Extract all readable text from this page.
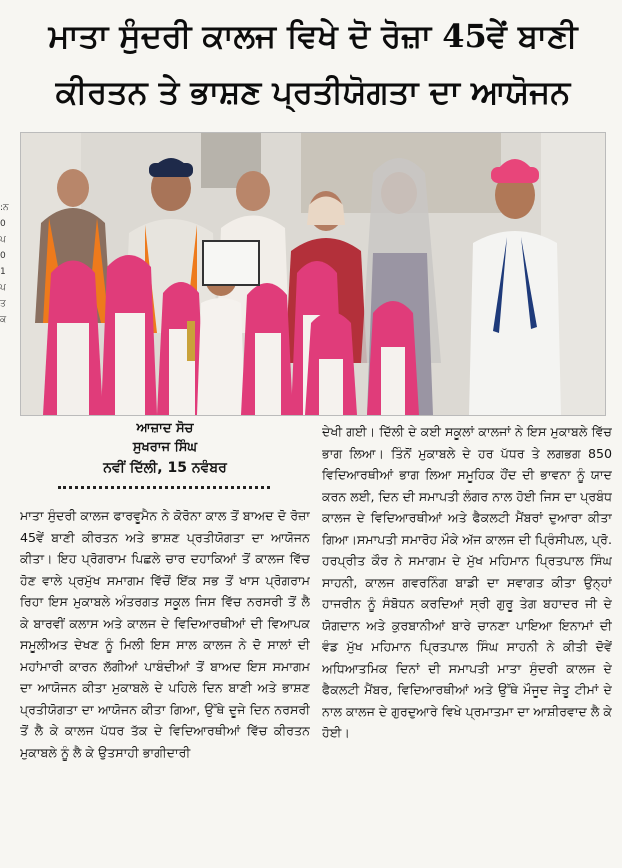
ਮਾਤਾ ਸੁੰਦਰੀ ਕਾਲਜ ਵਿਖੇ ਦੋ ਰੋਜ਼ਾ 45ਵੇਂ ਬਾਣੀ
ਕੀਰਤਨ ਤੇ ਭਾਸ਼ਣ ਪ੍ਰਤੀਯੋਗਤਾ ਦਾ ਆਯੋਜਨ
:ਨ0ਪ01ਪਤਕ
ਆਜ਼ਾਦ ਸੋਚ
ਸੁਖਰਾਜ ਸਿੰਘ
ਨਵੀਂ ਦਿੱਲੀ, 15 ਨਵੰਬਰ
ਮਾਤਾ ਸੁੰਦਰੀ ਕਾਲਜ ਫਾਰਵੂਮੈਨ ਨੇ ਕੋਰੋਨਾ ਕਾਲ ਤੋਂ ਬਾਅਦ ਦੋ ਰੋਜ਼ਾ 45ਵੇਂ ਬਾਣੀ ਕੀਰਤਨ ਅਤੇ ਭਾਸ਼ਣ ਪ੍ਰਤੀਯੋਗਤਾ ਦਾ ਆਯੋਜਨ ਕੀਤਾ। ਇਹ ਪ੍ਰੋਗਰਾਮ ਪਿਛਲੇ ਚਾਰ ਦਹਾਕਿਆਂ ਤੋਂ ਕਾਲਜ ਵਿੱਚ ਹੋਣ ਵਾਲੇ ਪ੍ਰਮੁੱਖ ਸਮਾਗਮ ਵਿੱਚੋਂ ਇੱਕ ਸਭ ਤੋਂ ਖਾਸ ਪ੍ਰੋਗਰਾਮ ਰਿਹਾ ਇਸ ਮੁਕਾਬਲੇ ਅੰਤਰਗਤ ਸਕੂਲ ਜਿਸ ਵਿੱਚ ਨਰਸਰੀ ਤੋਂ ਲੈ ਕੇ ਬਾਰਵੀਂ ਕਲਾਸ ਅਤੇ ਕਾਲਜ ਦੇ ਵਿਦਿਆਰਥੀਆਂ ਦੀ ਵਿਆਪਕ ਸਮੂਲੀਅਤ ਦੇਖਣ ਨੂੰ ਮਿਲੀ ਇਸ ਸਾਲ ਕਾਲਜ ਨੇ ਦੋ ਸਾਲਾਂ ਦੀ ਮਹਾਂਮਾਰੀ ਕਾਰਨ ਲੱਗੀਆਂ ਪਾਬੰਦੀਆਂ ਤੋਂ ਬਾਅਦ ਇਸ ਸਮਾਗਮ ਦਾ ਆਯੋਜਨ ਕੀਤਾ ਮੁਕਾਬਲੇ ਦੇ ਪਹਿਲੇ ਦਿਨ ਬਾਣੀ ਅਤੇ ਭਾਸ਼ਣ ਪ੍ਰਤੀਯੋਗਤਾ ਦਾ ਆਯੋਜਨ ਕੀਤਾ ਗਿਆ, ਉੱਥੇ ਦੂਜੇ ਦਿਨ ਨਰਸਰੀ ਤੋਂ ਲੈ ਕੇ ਕਾਲਜ ਪੱਧਰ ਤੱਕ ਦੇ ਵਿਦਿਆਰਥੀਆਂ ਵਿੱਚ ਕੀਰਤਨ ਮੁਕਾਬਲੇ ਨੂੰ ਲੈ ਕੇ ਉਤਸਾਹੀ ਭਾਗੀਦਾਰੀ
ਦੇਖੀ ਗਈ। ਦਿੱਲੀ ਦੇ ਕਈ ਸਕੂਲਾਂ ਕਾਲਜਾਂ ਨੇ ਇਸ ਮੁਕਾਬਲੇ ਵਿੱਚ ਭਾਗ ਲਿਆ। ਤਿੰਨੋਂ ਮੁਕਾਬਲੇ ਦੇ ਹਰ ਪੱਧਰ ਤੇ ਲਗਭਗ 850 ਵਿਦਿਆਰਥੀਆਂ ਭਾਗ ਲਿਆ ਸਮੂਹਿਕ ਹੌਂਦ ਦੀ ਭਾਵਨਾ ਨੂੰ ਯਾਦ ਕਰਨ ਲਈ, ਦਿਨ ਦੀ ਸਮਾਪਤੀ ਲੰਗਰ ਨਾਲ ਹੋਈ ਜਿਸ ਦਾ ਪ੍ਰਬੰਧ ਕਾਲਜ ਦੇ ਵਿਦਿਆਰਥੀਆਂ ਅਤੇ ਫੈਕਲਟੀ ਮੈਂਬਰਾਂ ਦੁਆਰਾ ਕੀਤਾ ਗਿਆ।ਸਮਾਪਤੀ ਸਮਾਰੋਹ ਮੌਕੇ ਅੱਜ ਕਾਲਜ ਦੀ ਪ੍ਰਿੰਸੀਪਲ, ਪ੍ਰੋ. ਹਰਪ੍ਰੀਤ ਕੌਰ ਨੇ ਸਮਾਗਮ ਦੇ ਮੁੱਖ ਮਹਿਮਾਨ ਪ੍ਰਿਤਪਾਲ ਸਿੰਘ ਸਾਹਨੀ, ਕਾਲਜ ਗਵਰਨਿੰਗ ਬਾਡੀ ਦਾ ਸਵਾਗਤ ਕੀਤਾ ਉਨ੍ਹਾਂ ਹਾਜਰੀਨ ਨੂੰ ਸੰਬੋਧਨ ਕਰਦਿਆਂ ਸ੍ਰੀ ਗੁਰੂ ਤੇਗ ਬਹਾਦਰ ਜੀ ਦੇ ਯੋਗਦਾਨ ਅਤੇ ਕੁਰਬਾਨੀਆਂ ਬਾਰੇ ਚਾਨਣਾ ਪਾਇਆ ਇਨਾਮਾਂ ਦੀ ਵੰਡ ਮੁੱਖ ਮਹਿਮਾਨ ਪ੍ਰਿਤਪਾਲ ਸਿੰਘ ਸਾਹਨੀ ਨੇ ਕੀਤੀ ਦੋਵੇਂ ਅਧਿਆਤਮਿਕ ਦਿਨਾਂ ਦੀ ਸਮਾਪਤੀ ਮਾਤਾ ਸੁੰਦਰੀ ਕਾਲਜ ਦੇ ਫੈਕਲਟੀ ਮੈਂਬਰ, ਵਿਦਿਆਰਥੀਆਂ ਅਤੇ ਉੱਥੇ ਮੌਜੂਦ ਜੇਤੂ ਟੀਮਾਂ ਦੇ ਨਾਲ ਕਾਲਜ ਦੇ ਗੁਰਦੁਆਰੇ ਵਿਖੇ ਪ੍ਰਮਾਤਮਾ ਦਾ ਆਸ਼ੀਰਵਾਦ ਲੈ ਕੇ ਹੋਈ।
